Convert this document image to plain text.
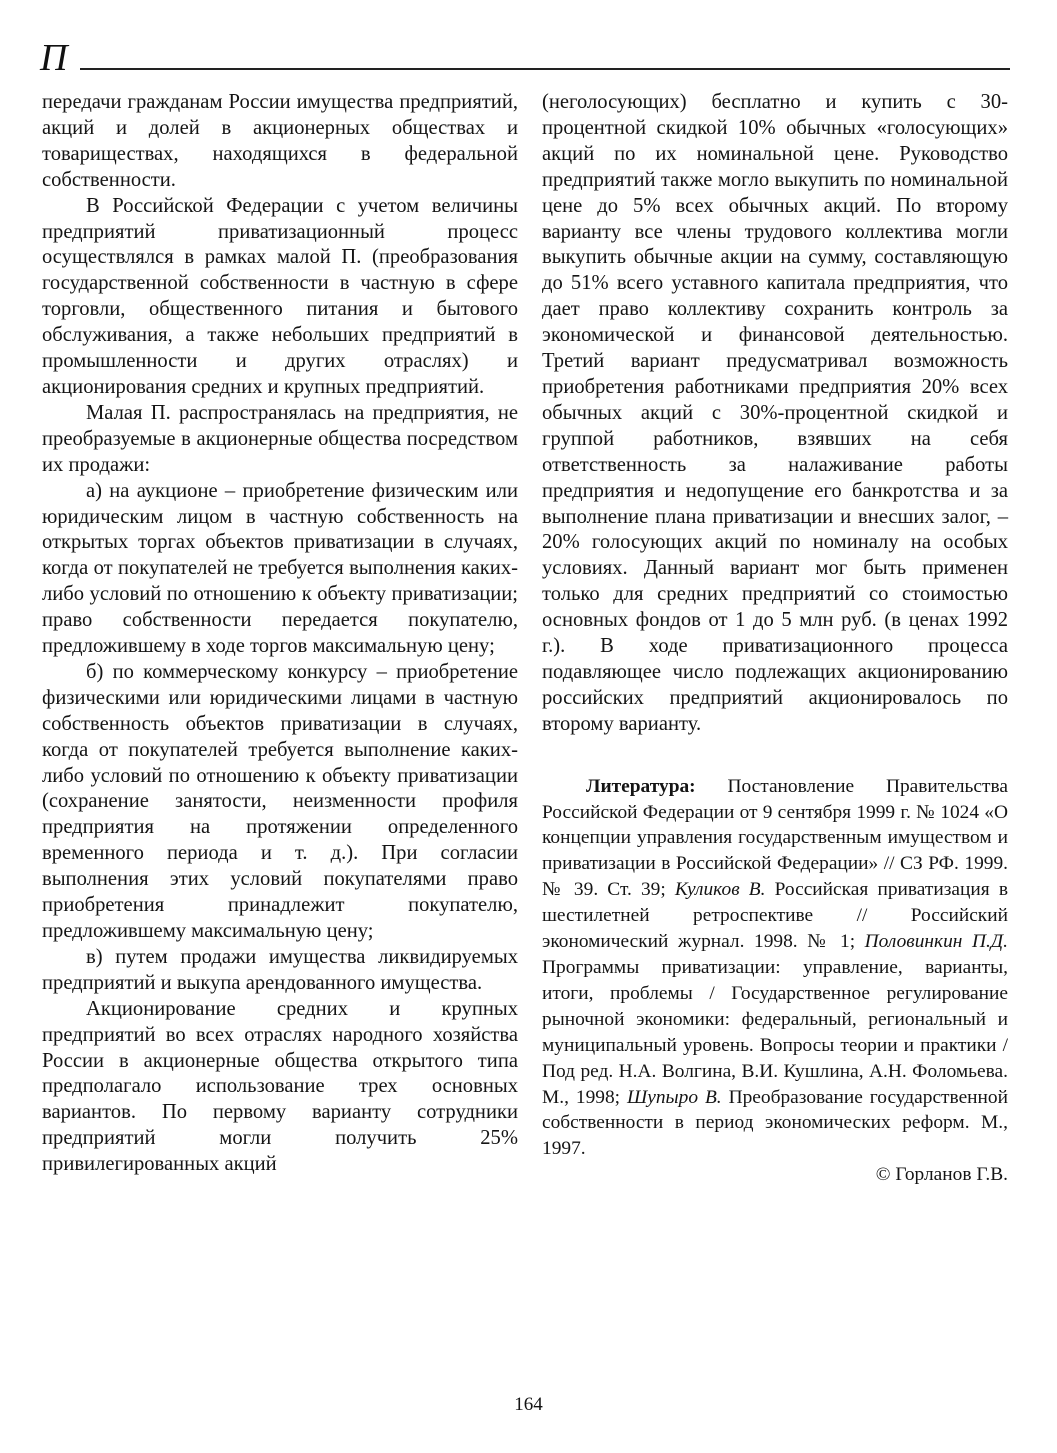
П

передачи гражданам России имущества предприятий, акций и долей в акционерных обществах и товариществах, находящихся в федеральной собственности.

В Российской Федерации с учетом величины предприятий приватизационный процесс осуществлялся в рамках малой П. (преобразования государственной собственности в частную в сфере торговли, общественного питания и бытового обслуживания, а также небольших предприятий в промышленности и других отраслях) и акционирования средних и крупных предприятий.

Малая П. распространялась на предприятия, не преобразуемые в акционерные общества посредством их продажи:

а) на аукционе – приобретение физическим или юридическим лицом в частную собственность на открытых торгах объектов приватизации в случаях, когда от покупателей не требуется выполнения каких-либо условий по отношению к объекту приватизации; право собственности передается покупателю, предложившему в ходе торгов максимальную цену;

б) по коммерческому конкурсу – приобретение физическими или юридическими лицами в частную собственность объектов приватизации в случаях, когда от покупателей требуется выполнение каких-либо условий по отношению к объекту приватизации (сохранение занятости, неизменности профиля предприятия на протяжении определенного временного периода и т. д.). При согласии выполнения этих условий покупателями право приобретения принадлежит покупателю, предложившему максимальную цену;

в) путем продажи имущества ликвидируемых предприятий и выкупа арендованного имущества.

Акционирование средних и крупных предприятий во всех отраслях народного хозяйства России в акционерные общества открытого типа предполагало использование трех основных вариантов. По первому варианту сотрудники предприятий могли получить 25% привилегированных акций

(неголосующих) бесплатно и купить с 30-процентной скидкой 10% обычных «голосующих» акций по их номинальной цене. Руководство предприятий также могло выкупить по номинальной цене до 5% всех обычных акций. По второму варианту все члены трудового коллектива могли выкупить обычные акции на сумму, составляющую до 51% всего уставного капитала предприятия, что дает право коллективу сохранить контроль за экономической и финансовой деятельностью. Третий вариант предусматривал возможность приобретения работниками предприятия 20% всех обычных акций с 30%-процентной скидкой и группой работников, взявших на себя ответственность за налаживание работы предприятия и недопущение его банкротства и за выполнение плана приватизации и внесших залог, – 20% голосующих акций по номиналу на особых условиях. Данный вариант мог быть применен только для средних предприятий со стоимостью основных фондов от 1 до 5 млн руб. (в ценах 1992 г.). В ходе приватизационного процесса подавляющее число подлежащих акционированию российских предприятий акционировалось по второму варианту.

Литература: Постановление Правительства Российской Федерации от 9 сентября 1999 г. № 1024 «О концепции управления государственным имуществом и приватизации в Российской Федерации» // СЗ РФ. 1999. № 39. Ст. 39; Куликов В. Российская приватизация в шестилетней ретроспективе // Российский экономический журнал. 1998. № 1; Половинкин П.Д. Программы приватизации: управление, варианты, итоги, проблемы / Государственное регулирование рыночной экономики: федеральный, региональный и муниципальный уровень. Вопросы теории и практики / Под ред. Н.А. Волгина, В.И. Кушлина, А.Н. Фоломьева. М., 1998; Шупыро В. Преобразование государственной собственности в период экономических реформ. М., 1997.

© Горланов Г.В.

164
